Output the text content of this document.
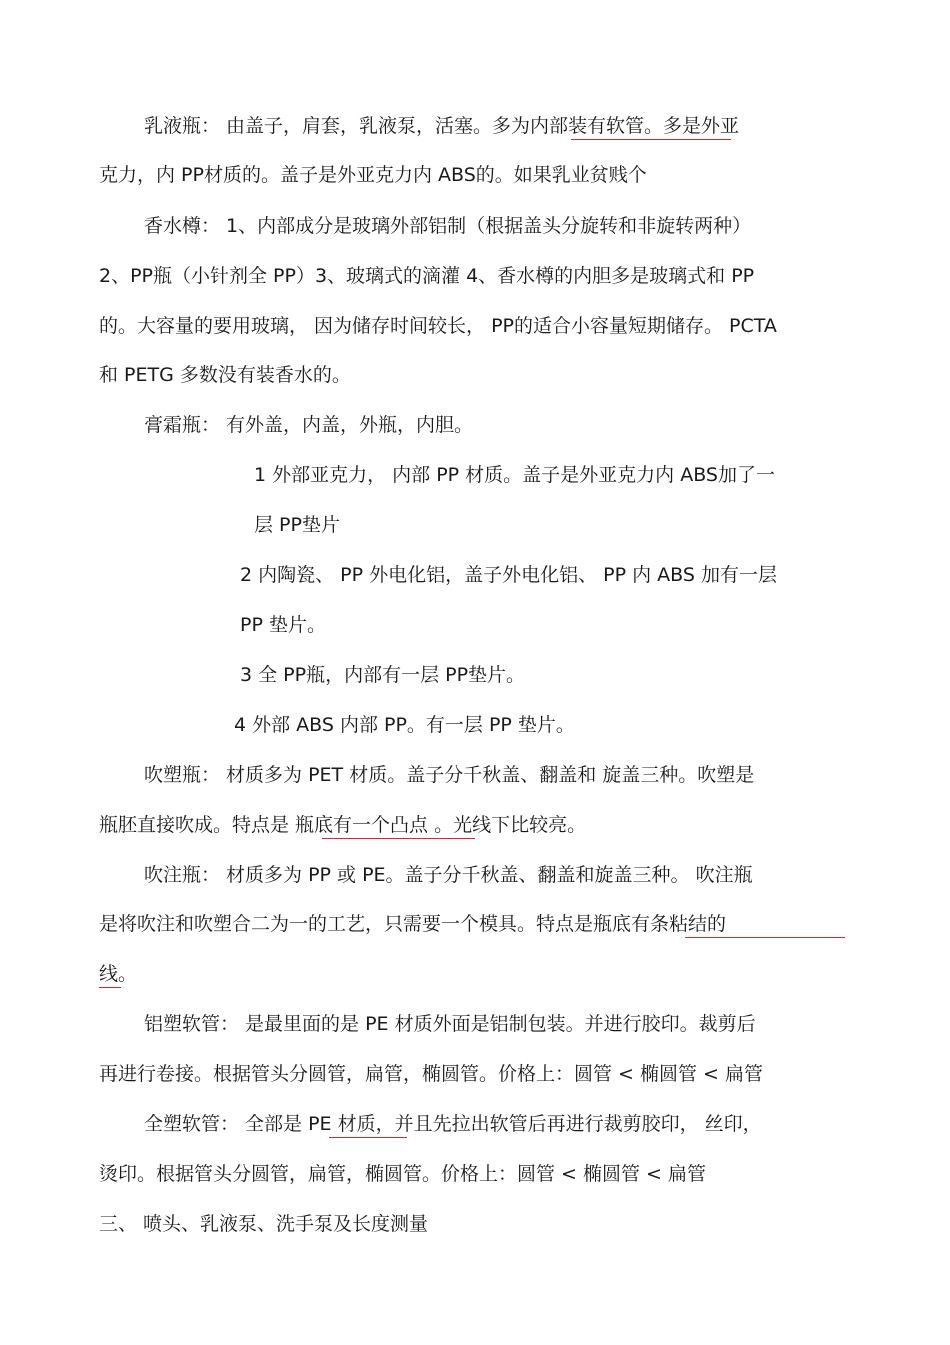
乳液瓶： 由盖子，肩套，乳液泵，活塞。多为内部装有软管。多是外亚
克力，内 PP材质的。盖子是外亚克力内 ABS的。如果乳业贫贱个
香水樽： 1、内部成分是玻璃外部铝制（根据盖头分旋转和非旋转两种）
2、PP瓶（小针剂全 PP）3、玻璃式的滴灌 4、香水樽的内胆多是玻璃式和 PP
的。大容量的要用玻璃， 因为储存时间较长， PP的适合小容量短期储存。 PCTA
和 PETG 多数没有装香水的。
膏霜瓶： 有外盖，内盖，外瓶，内胆。
1 外部亚克力， 内部 PP 材质。盖子是外亚克力内 ABS加了一
层 PP垫片
2 内陶瓷、 PP 外电化铝，盖子外电化铝、 PP 内 ABS 加有一层
PP 垫片。
3 全 PP瓶，内部有一层 PP垫片。
4 外部 ABS 内部 PP。有一层 PP 垫片。
吹塑瓶： 材质多为 PET 材质。盖子分千秋盖、翻盖和 旋盖三种。吹塑是
瓶胚直接吹成。特点是 瓶底有一个凸点 。光线下比较亮。
吹注瓶： 材质多为 PP 或 PE。盖子分千秋盖、翻盖和旋盖三种。 吹注瓶
是将吹注和吹塑合二为一的工艺，只需要一个模具。特点是瓶底有条粘结的
线。
铝塑软管： 是最里面的是 PE 材质外面是铝制包装。并进行胶印。裁剪后
再进行卷接。根据管头分圆管，扁管，椭圆管。价格上：圆管 < 椭圆管 < 扁管
全塑软管： 全部是 PE 材质，并且先拉出软管后再进行裁剪胶印， 丝印，
烫印。根据管头分圆管，扁管，椭圆管。价格上：圆管 < 椭圆管 < 扁管
三、 喷头、乳液泵、洗手泵及长度测量
